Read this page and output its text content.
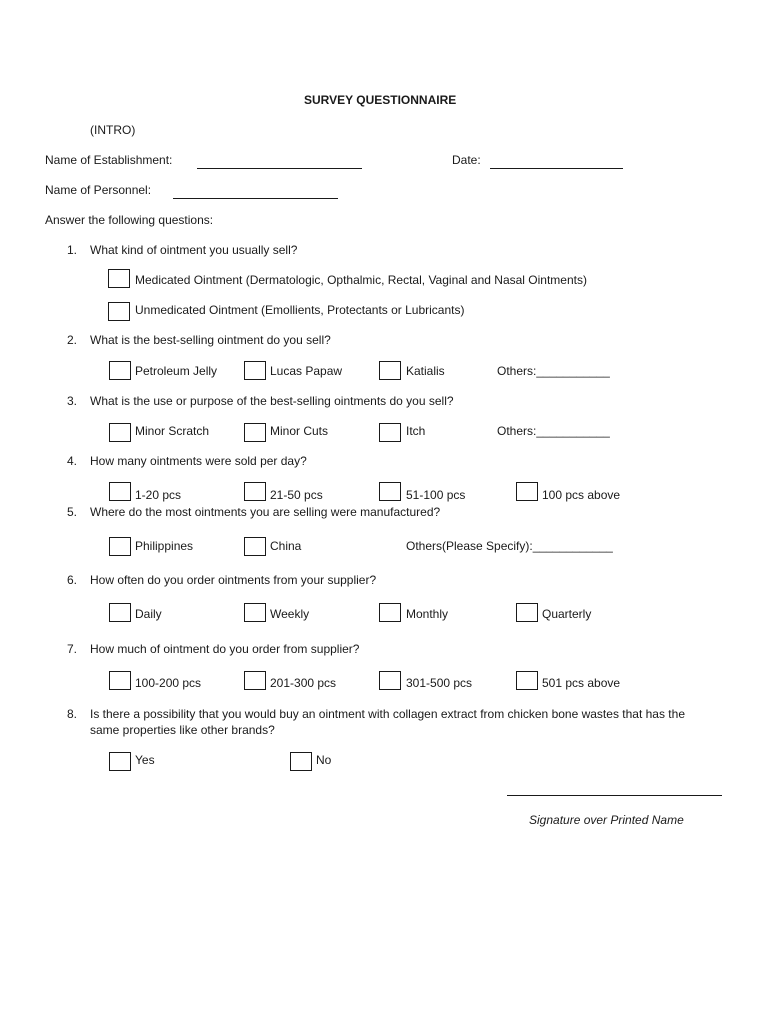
SURVEY QUESTIONNAIRE
(INTRO)
Name of Establishment:	Date:
Name of Personnel:
Answer the following questions:
1. What kind of ointment you usually sell?
Medicated Ointment (Dermatologic, Opthalmic, Rectal, Vaginal and Nasal Ointments)
Unmedicated Ointment (Emollients, Protectants or Lubricants)
2. What is the best-selling ointment do you sell?
Petroleum Jelly	Lucas Papaw	Katialis	Others:___________
3. What is the use or purpose of the best-selling ointments do you sell?
Minor Scratch	Minor Cuts	Itch	Others:___________
4. How many ointments were sold per day?
1-20 pcs	21-50 pcs	51-100 pcs	100 pcs above
5. Where do the most ointments you are selling were manufactured?
Philippines	China	Others(Please Specify):____________
6. How often do you order ointments from your supplier?
Daily	Weekly	Monthly	Quarterly
7. How much of ointment do you order from supplier?
100-200 pcs	201-300 pcs	301-500 pcs	501 pcs above
8. Is there a possibility that you would buy an ointment with collagen extract from chicken bone wastes that has the
same properties like other brands?
Yes	No
Signature over Printed Name
